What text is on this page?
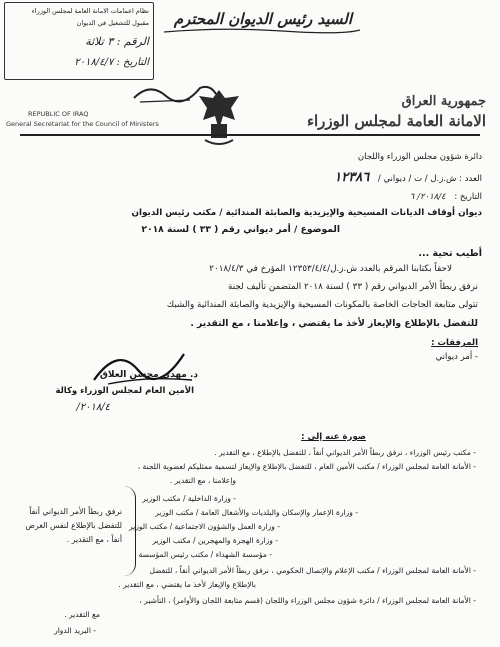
نظام اعمامات الامانة العامة لمجلس الوزراء
مقبول للتشغيل في الديوان
الرقم : ٣ تلاثة
التاريخ : ٢٠١٨/٤/٧
السيد رئيس الديوان المحترم
جمهورية العراق
الامانة العامة لمجلس الوزراء
REPUBLIC OF IRAQ
General Secretariat for the Council of Ministers
دائرة شؤون مجلس الوزراء واللجان
العدد : ش.ز.ل / ت / ديواني / ١٢٣٨٦
التاريخ : ٢٠١٨/٤/ ٦
ديوان أوقاف الديانات المسيحية والإيزيدية والصابئة المندائية / مكتب رئيس الديوان
الموضوع / أمر ديواني رقم ( ٣٣ ) لسنة ٢٠١٨
أطيب تحية ...
لاحقاً بكتابنا المرقم بالعدد ش.ز.ل/١٢٣٥٣/٤/٤ المؤرخ في ٢٠١٨/٤/٣
نرفق ربطاً الأمر الديواني رقم ( ٣٣ ) لسنة ٢٠١٨ المتضمن تأليف لجنة
تتولى متابعة الحاجات الخاصة بالمكونات المسيحية والإيزيدية والصابئة المندائية والشبك
للتفضل بالإطلاع والإيعاز لأخذ ما يقتضي ، وإعلامنا ، مع التقدير .
المرفقات :
- أمر ديواني
د. مهدي محسن العلاق
الأمين العام لمجلس الوزراء وكالة
٢٠١٨/٤/
صورة عنه إلى :
- مكتب رئيس الوزراء ، نرفق ربطاً الأمر الديواني أنفاً ، للتفضل بالإطلاع ، مع التقدير .
- الأمانة العامة لمجلس الوزراء / مكتب الأمين العام ، للتفضل بالإطلاع والإيعاز لتسمية ممثليكم لعضوية اللجنة ،
وإعلامنا ، مع التقدير .
- وزارة الداخلية / مكتب الوزير
- وزارة الإعمار والإسكان والبلديات والأشغال العامة / مكتب الوزير
- وزارة العمل والشؤون الاجتماعية / مكتب الوزير
- وزارة الهجرة والمهجرين / مكتب الوزير
- مؤسسة الشهداء / مكتب رئيس المؤسسة
- الأمانة العامة لمجلس الوزراء / مكتب الإعلام والإتصال الحكومي ، نرفق ربطاً الأمر الديواني أنفاً ، للتفضل
بالإطلاع والإيعاز لأخذ ما يقتضي ، مع التقدير .
- الأمانة العامة لمجلس الوزراء / دائرة شؤون مجلس الوزراء واللجان (قسم متابعة اللجان والأوامر) ، التأشير ،
مع التقدير .
- البريد الدوار
نرفق ربطاً الأمر الديواني أنفاً
للتفضل بالإطلاع لنفس الغرض
أنفاً ، مع التقدير .
